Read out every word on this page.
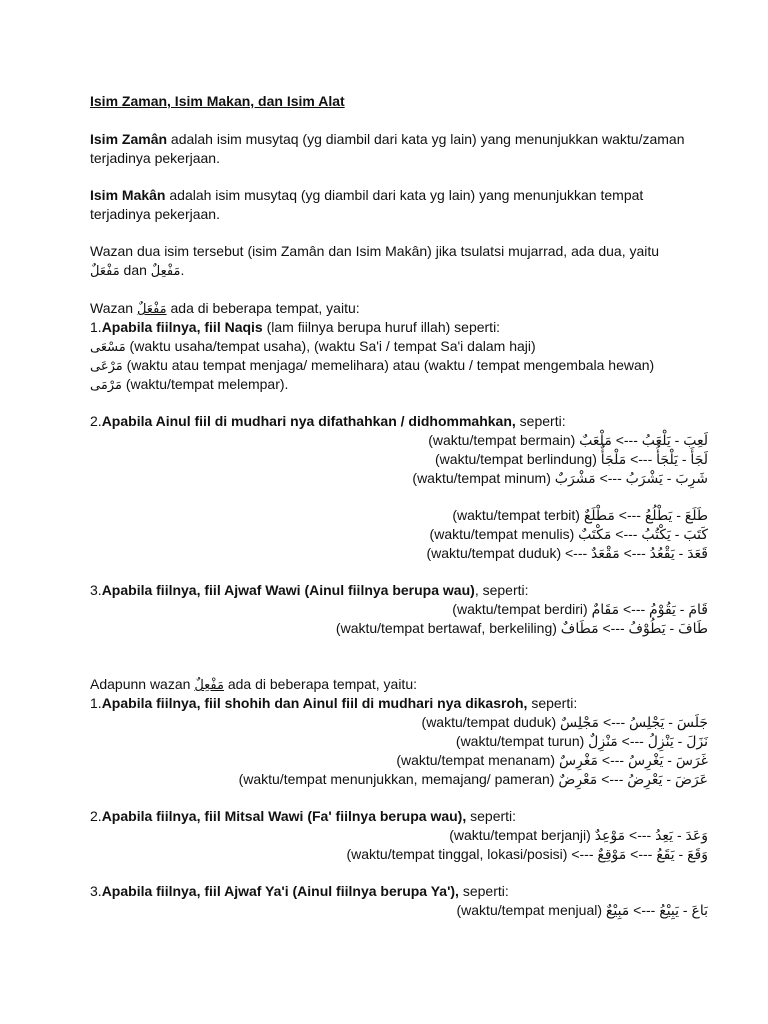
Isim Zaman, Isim Makan, dan Isim Alat
Isim Zamân adalah isim musytaq (yg diambil dari kata yg lain) yang menunjukkan waktu/zaman
terjadinya pekerjaan.
Isim Makân adalah isim musytaq (yg diambil dari kata yg lain) yang menunjukkan tempat
terjadinya pekerjaan.
Wazan dua isim tersebut (isim Zamân dan Isim Makân) jika tsulatsi mujarrad, ada dua, yaitu
مَفْعَلٌ dan مَفْعِلٌ.
Wazan مَفْعَلٌ ada di beberapa tempat, yaitu:
1.Apabila fiilnya, fiil Naqis (lam fiilnya berupa huruf illah) seperti:
مَسْعَى (waktu usaha/tempat usaha), (waktu Sa'i / tempat Sa'i dalam haji)
مَرْعَى (waktu atau tempat menjaga/ memelihara) atau (waktu / tempat mengembala hewan)
مَرْمَى (waktu/tempat melempar).
2.Apabila Ainul fiil di mudhari nya difathahkan / didhommahkan, seperti:
لَعِبَ - يَلْعَبُ ---> مَلْعَبٌ (waktu/tempat bermain)
لَجَأَ - يَلْجَأُ ---> مَلْجَأٌ (waktu/tempat berlindung)
شَرِبَ - يَشْرَبُ ---> مَشْرَبٌ (waktu/tempat minum)
طَلَعَ - يَطْلُعُ ---> مَطْلَعٌ (waktu/tempat terbit)
كَتَبَ - يَكْتُبُ ---> مَكْتَبٌ (waktu/tempat menulis)
قَعَدَ - يَقْعُدُ ---> مَقْعَدٌ ---> (waktu/tempat duduk)
3.Apabila fiilnya, fiil Ajwaf Wawi (Ainul fiilnya berupa wau), seperti:
قَامَ - يَقُوْمُ ---> مَقَامٌ (waktu/tempat berdiri)
طَافَ - يَطُوْفُ ---> مَطَافٌ (waktu/tempat bertawaf, berkeliling)
Adapunn wazan مَفْعِلٌ ada di beberapa tempat, yaitu:
1.Apabila fiilnya, fiil shohih dan Ainul fiil di mudhari nya dikasroh, seperti:
جَلَسَ - يَجْلِسُ ---> مَجْلِسٌ (waktu/tempat duduk)
نَزَلَ - يَنْزِلُ ---> مَنْزِلٌ (waktu/tempat turun)
غَرَسَ - يَغْرِسُ ---> مَغْرِسٌ (waktu/tempat menanam)
عَرَضَ - يَعْرِضُ ---> مَعْرِضٌ (waktu/tempat menunjukkan, memajang/ pameran)
2.Apabila fiilnya, fiil Mitsal Wawi (Fa' fiilnya berupa wau), seperti:
وَعَدَ - يَعِدُ ---> مَوْعِدٌ (waktu/tempat berjanji)
وَقَعَ - يَقَعُ ---> مَوْقِعٌ ---> (waktu/tempat tinggal, lokasi/posisi)
3.Apabila fiilnya, fiil Ajwaf Ya'i (Ainul fiilnya berupa Ya'), seperti:
بَاعَ - يَبِيْعُ ---> مَبِيْعٌ (waktu/tempat menjual)
